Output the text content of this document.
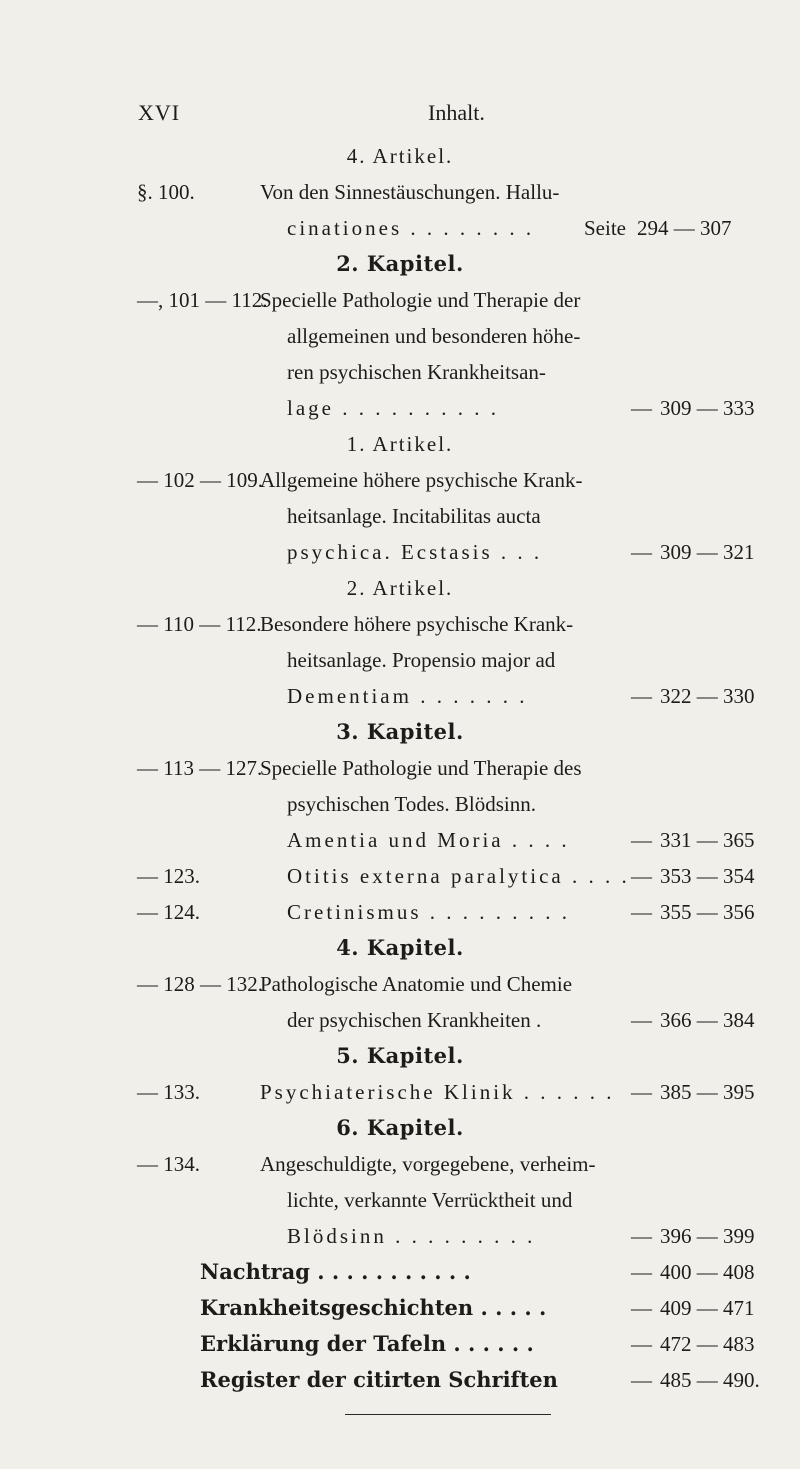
XVI	Inhalt.
4. Artikel.
§. 100.	Von den Sinnestäuschungen. Hallu-
cinationes . . . . . . . . Seite 294 — 307
2. Kapitel.
—, 101 — 112.
Specielle Pathologie und Therapie der
allgemeinen und besonderen höhe-
ren psychischen Krankheitsan-
lage . . . . . . . . . .	— 309 — 333
1. Artikel.
— 102 — 109.
Allgemeine höhere psychische Krank-
heitsanlage. Incitabilitas aucta
psychica. Ecstasis . . .	— 309 — 321
2. Artikel.
— 110 — 112.
Besondere höhere psychische Krank-
heitsanlage. Propensio major ad
Dementiam . . . . . . .	— 322 — 330
3. Kapitel.
— 113 — 127.
Specielle Pathologie und Therapie des
psychischen Todes. Blödsinn.
Amentia und Moria . . . .	— 331 — 365
— 123.	Otitis externa paralytica . . . . — 353 — 354
— 124.	Cretinismus . . . . . . . . .	— 355 — 356
4. Kapitel.
— 128 — 132.
Pathologische Anatomie und Chemie
der psychischen Krankheiten .	— 366 — 384
5. Kapitel.
— 133.	Psychiaterische Klinik . . . . . . — 385 — 395
6. Kapitel.
— 134.	Angeschuldigte, vorgegebene, verheim-
lichte, verkannte Verrücktheit und
Blödsinn . . . . . . . . .	— 396 — 399
Nachtrag . . . . . . . . . . .	— 400 — 408
Krankheitsgeschichten . . . . .	— 409 — 471
Erklärung der Tafeln . . . . . .	— 472 — 483
Register der citirten Schriften	— 485 — 490.
